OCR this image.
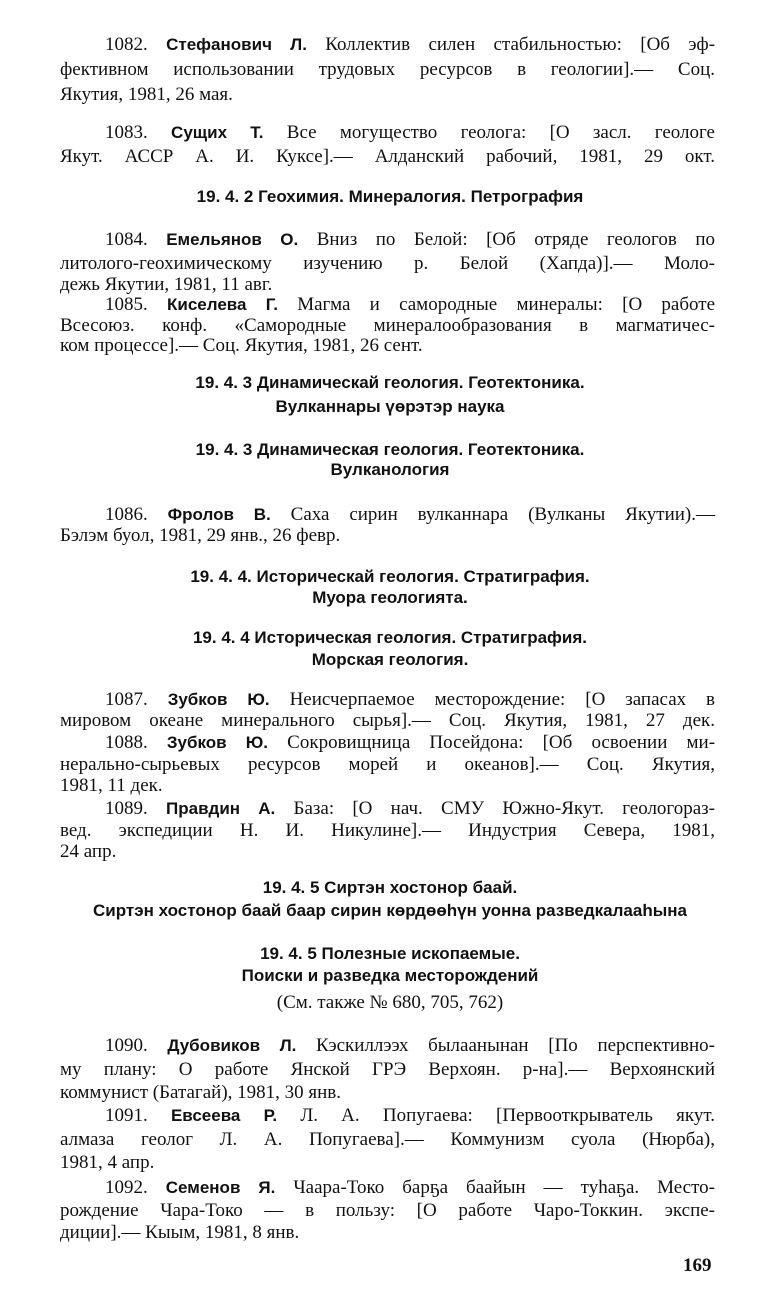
1082. Стефанович Л. Коллектив силен стабильностью: [Об эф-
фективном использовании трудовых ресурсов в геологии].— Соц.
Якутия, 1981, 26 мая.
1083. Сущих Т. Все могущество геолога: [О засл. геологе
Якут. АССР А. И. Куксе].— Алданский рабочий, 1981, 29 окт.
19. 4. 2 Геохимия. Минералогия. Петрография
1084. Емельянов О. Вниз по Белой: [Об отряде геологов по
литолого-геохимическому изучению р. Белой (Хапда)].— Моло-
дежь Якутии, 1981, 11 авг.
1085. Киселева Г. Магма и самородные минералы: [О работе
Всесоюз. конф. «Самородные минералообразования в магматичес-
ком процессе].— Соц. Якутия, 1981, 26 сент.
19. 4. 3 Динамическай геология. Геотектоника.
Вулканнары үөрэтэр наука
19. 4. 3 Динамическая геология. Геотектоника.
Вулканология
1086. Фролов В. Саха сирин вулканнара (Вулканы Якутии).—
Бэлэм буол, 1981, 29 янв., 26 февр.
19. 4. 4. Историческай геология. Стратиграфия.
Муора геологията.
19. 4. 4 Историческая геология. Стратиграфия.
Морская геология.
1087. Зубков Ю. Неисчерпаемое месторождение: [О запасах в
мировом океане минерального сырья].— Соц. Якутия, 1981, 27 дек.
1088. Зубков Ю. Сокровищница Посейдона: [Об освоении ми-
нерально-сырьевых ресурсов морей и океанов].— Соц. Якутия,
1981, 11 дек.
1089. Правдин А. База: [О нач. СМУ Южно-Якут. геологораз-
вед. экспедиции Н. И. Никулине].— Индустрия Севера, 1981,
24 апр.
19. 4. 5 Сиртэн хостонор баай.
Сиртэн хостонор баай баар сирин көрдөөһүн уонна разведкалааһына
19. 4. 5 Полезные ископаемые.
Поиски и разведка месторождений
(См. также № 680, 705, 762)
1090. Дубовиков Л. Кэскиллээх былаанынан [По перспективно-
му плану: О работе Янской ГРЭ Верхоян. р-на].— Верхоянский
коммунист (Батагай), 1981, 30 янв.
1091. Евсеева Р. Л. А. Попугаева: [Первооткрыватель якут.
алмаза геолог Л. А. Попугаева].— Коммунизм суола (Нюрба),
1981, 4 апр.
1092. Семенов Я. Чаара-Токо барҕа баайын — туһаҕа. Место-
рождение Чара-Токо — в пользу: [О работе Чаро-Токкин. экспе-
диции].— Кыым, 1981, 8 янв.
169
